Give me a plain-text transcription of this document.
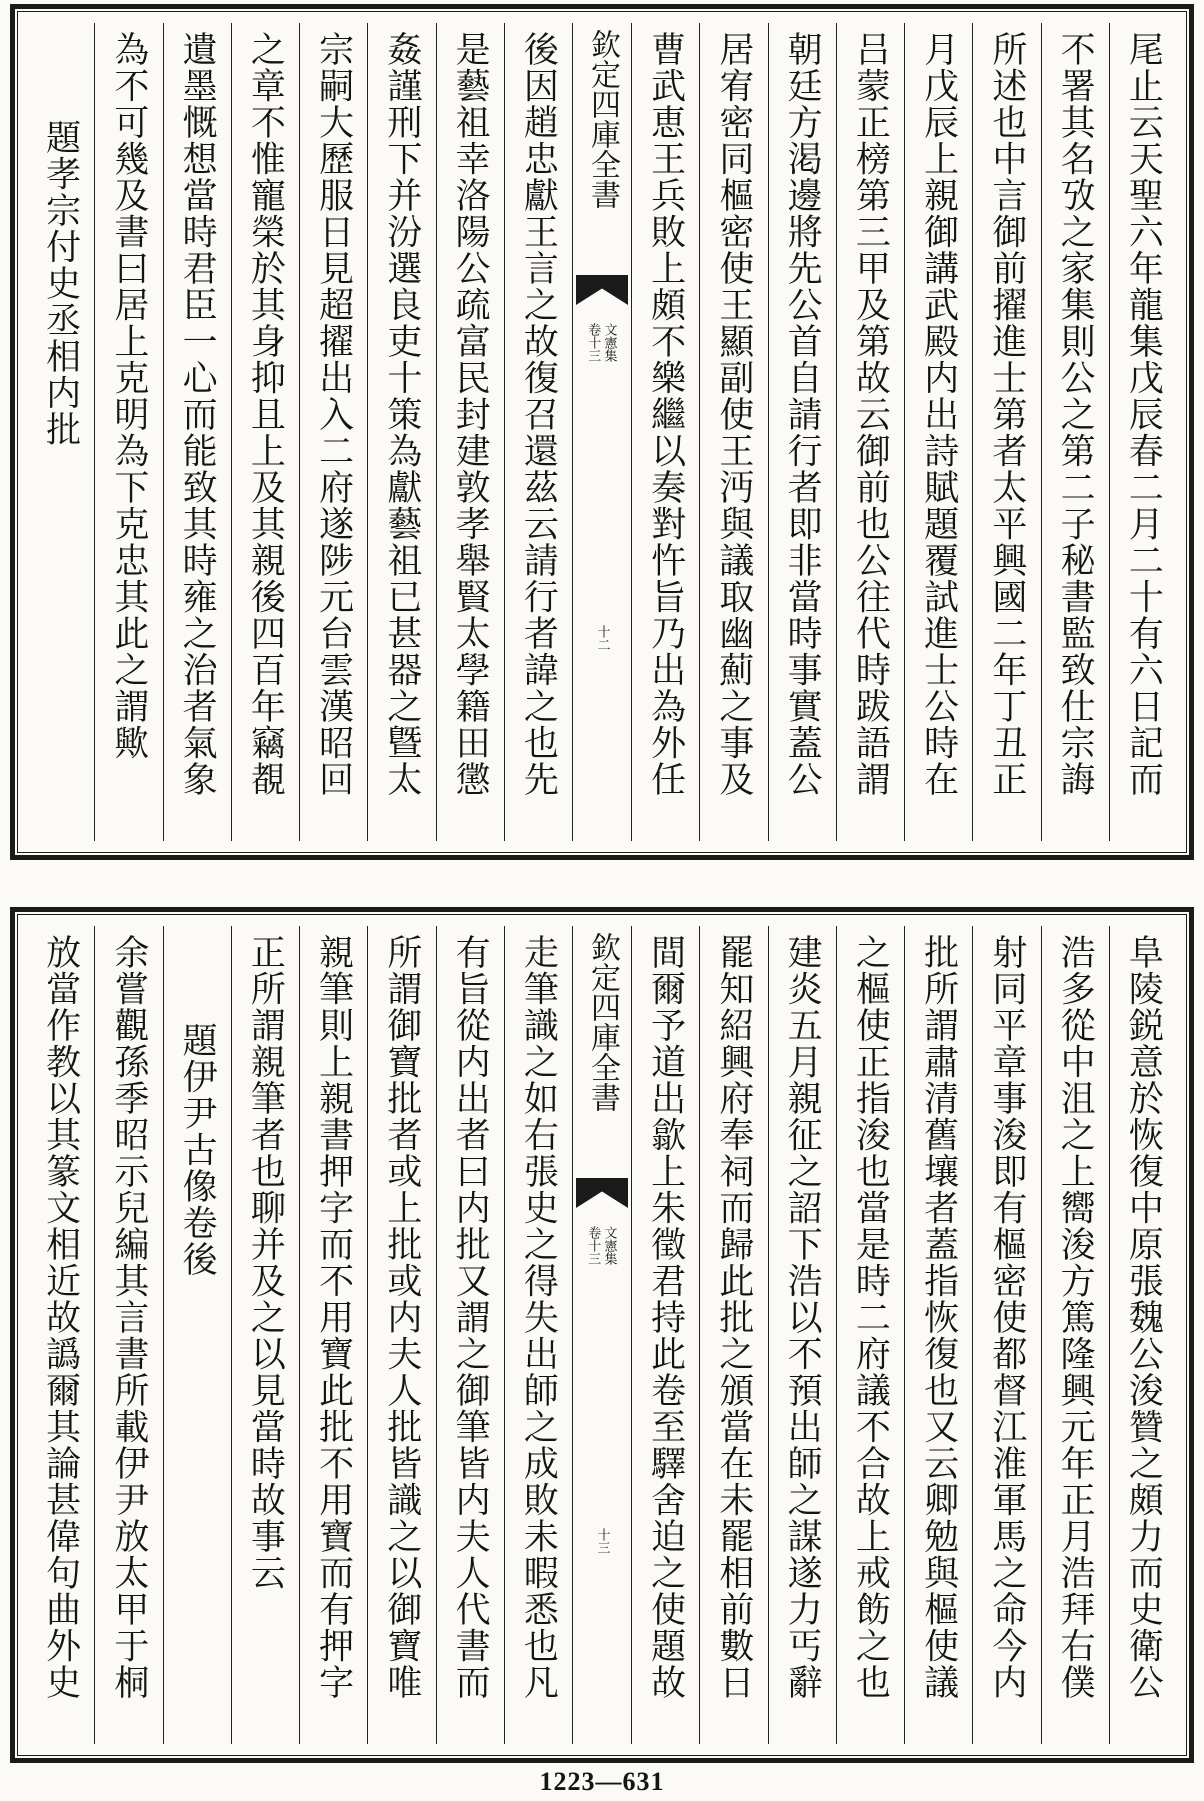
尾止云天聖六年龍集戊辰春二月二十有六日記而
不署其名攷之家集則公之第二子秘書監致仕宗誨
所述也中言御前擢進士第者太平興國二年丁丑正
月戊辰上親御講武殿内出詩賦題覆試進士公時在
吕蒙正榜第三甲及第故云御前也公往代時跋語謂
朝廷方渇邊將先公首自請行者即非當時事實蓋公
居宥密同樞密使王顯副使王沔與議取幽薊之事及
曹武恵王兵敗上頗不樂繼以奏對忤旨乃出為外任
欽定四庫全書
文憲集
卷十三
十二
後因趙忠獻王言之故復召還茲云請行者諱之也先
是藝祖幸洛陽公疏富民封建敦孝舉賢太學籍田懲
姦謹刑下并汾選良吏十策為獻藝祖已甚器之曁太
宗嗣大歷服日見超擢出入二府遂陟元台雲漢昭回
之章不惟寵榮於其身抑且上及其親後四百年竊覩
遺墨慨想當時君臣一心而能致其時雍之治者氣象
為不可幾及書曰居上克明為下克忠其此之謂歟
題孝宗付史丞相内批
阜陵鋭意於恢復中原張魏公浚贊之頗力而史衛公
浩多從中沮之上嚮浚方篤隆興元年正月浩拜右僕
射同平章事浚即有樞密使都督江淮軍馬之命今内
批所謂肅清舊壤者蓋指恢復也又云卿勉與樞使議
之樞使正指浚也當是時二府議不合故上戒飭之也
建炎五月親征之詔下浩以不預出師之謀遂力丐辭
罷知紹興府奉祠而歸此批之頒當在未罷相前數日
間爾予道出歙上朱徵君持此卷至驛舍迫之使題故
欽定四庫全書
文憲集
卷十三
十三
走筆識之如右張史之得失出師之成敗未暇悉也凡
有旨從内出者曰内批又謂之御筆皆内夫人代書而
所謂御寶批者或上批或内夫人批皆識之以御寶唯
親筆則上親書押字而不用寶此批不用寶而有押字
正所謂親筆者也聊并及之以見當時故事云
題伊尹古像卷後
余嘗觀孫季昭示兒編其言書所載伊尹放太甲于桐
放當作教以其篆文相近故譌爾其論甚偉句曲外史
1223—631
